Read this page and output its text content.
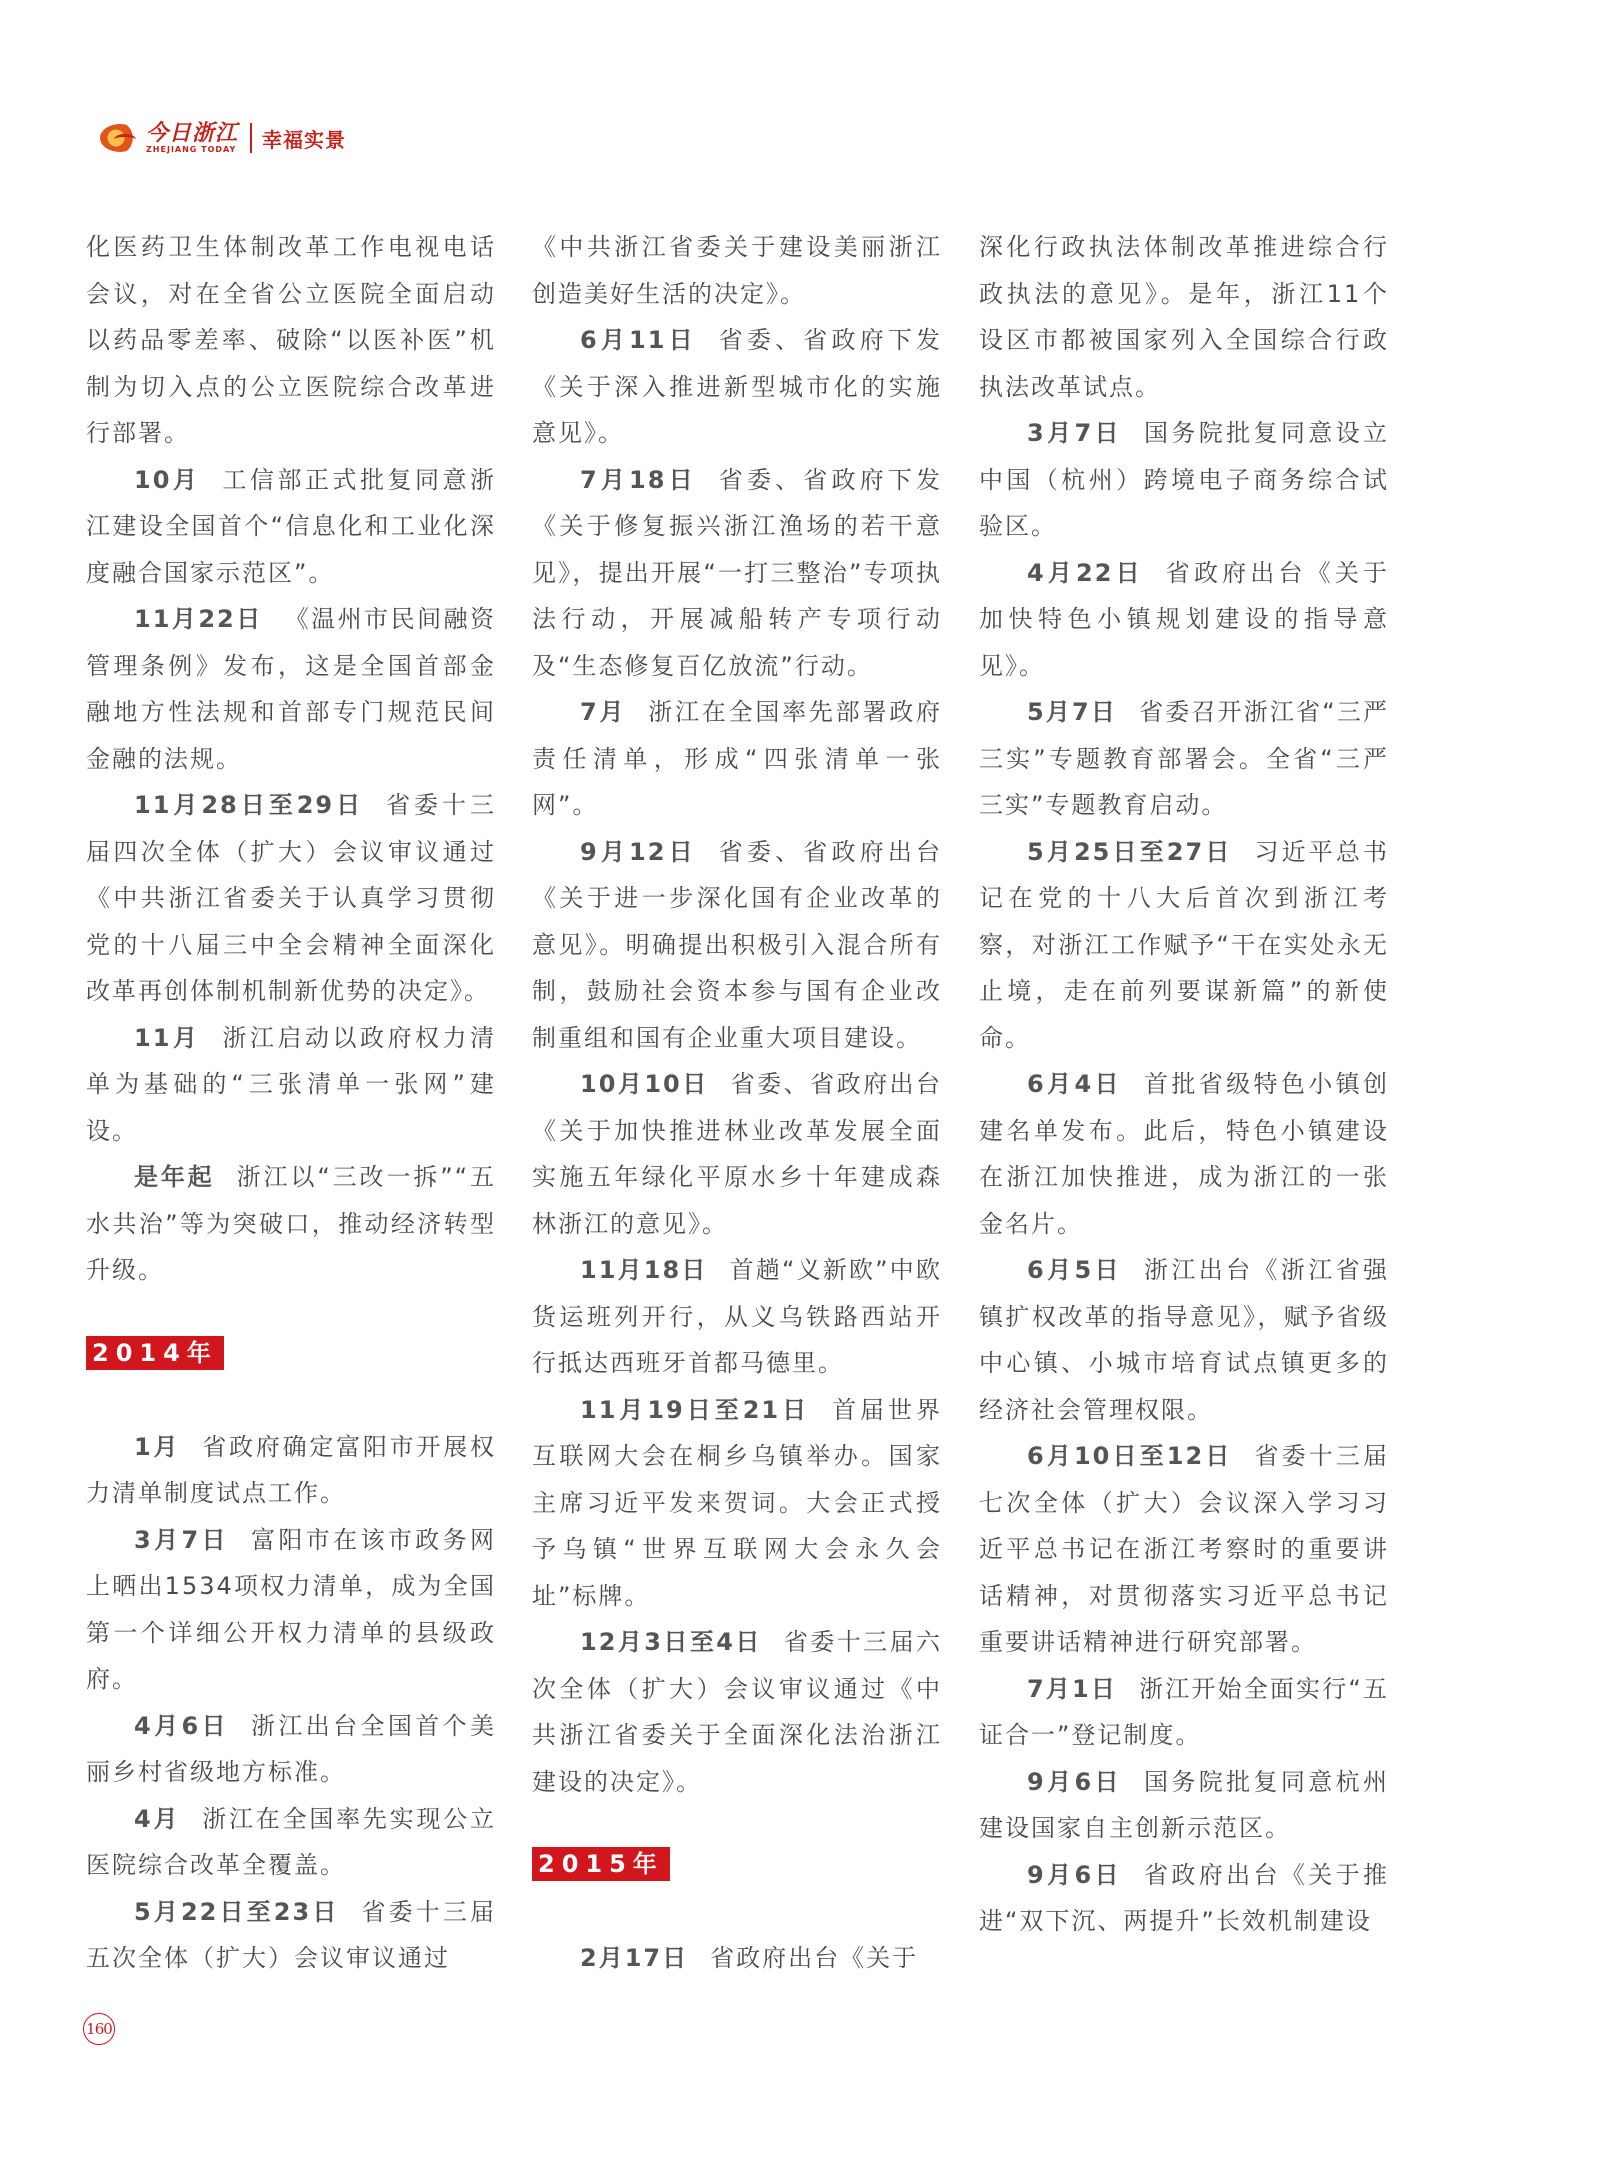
今日浙江
ZHEJIANG TODAY 幸福实景

化医药卫生体制改革工作电视电话会议，对在全省公立医院全面启动以药品零差率、破除“以医补医”机制为切入点的公立医院综合改革进行部署。

10月 工信部正式批复同意浙江建设全国首个“信息化和工业化深度融合国家示范区”。

11月22日 《温州市民间融资管理条例》发布，这是全国首部金融地方性法规和首部专门规范民间金融的法规。

11月28日至29日 省委十三届四次全体（扩大）会议审议通过《中共浙江省委关于认真学习贯彻党的十八届三中全会精神全面深化改革再创体制机制新优势的决定》。

11月 浙江启动以政府权力清单为基础的“三张清单一张网”建设。

是年起 浙江以“三改一拆”“五水共治”等为突破口，推动经济转型升级。

2014年

1月 省政府确定富阳市开展权力清单制度试点工作。

3月7日 富阳市在该市政务网上晒出1534项权力清单，成为全国第一个详细公开权力清单的县级政府。

4月6日 浙江出台全国首个美丽乡村省级地方标准。

4月 浙江在全国率先实现公立医院综合改革全覆盖。

5月22日至23日 省委十三届五次全体（扩大）会议审议通过

《中共浙江省委关于建设美丽浙江创造美好生活的决定》。

6月11日 省委、省政府下发《关于深入推进新型城市化的实施意见》。

7月18日 省委、省政府下发《关于修复振兴浙江渔场的若干意见》，提出开展“一打三整治”专项执法行动，开展减船转产专项行动及“生态修复百亿放流”行动。

7月 浙江在全国率先部署政府责任清单，形成“四张清单一张网”。

9月12日 省委、省政府出台《关于进一步深化国有企业改革的意见》。明确提出积极引入混合所有制，鼓励社会资本参与国有企业改制重组和国有企业重大项目建设。

10月10日 省委、省政府出台《关于加快推进林业改革发展全面实施五年绿化平原水乡十年建成森林浙江的意见》。

11月18日 首趟“义新欧”中欧货运班列开行，从义乌铁路西站开行抵达西班牙首都马德里。

11月19日至21日 首届世界互联网大会在桐乡乌镇举办。国家主席习近平发来贺词。大会正式授予乌镇“世界互联网大会永久会址”标牌。

12月3日至4日 省委十三届六次全体（扩大）会议审议通过《中共浙江省委关于全面深化法治浙江建设的决定》。

2015年

2月17日 省政府出台《关于

深化行政执法体制改革推进综合行政执法的意见》。是年，浙江11个设区市都被国家列入全国综合行政执法改革试点。

3月7日 国务院批复同意设立中国（杭州）跨境电子商务综合试验区。

4月22日 省政府出台《关于加快特色小镇规划建设的指导意见》。

5月7日 省委召开浙江省“三严三实”专题教育部署会。全省“三严三实”专题教育启动。

5月25日至27日 习近平总书记在党的十八大后首次到浙江考察，对浙江工作赋予“干在实处永无止境，走在前列要谋新篇”的新使命。

6月4日 首批省级特色小镇创建名单发布。此后，特色小镇建设在浙江加快推进，成为浙江的一张金名片。

6月5日 浙江出台《浙江省强镇扩权改革的指导意见》，赋予省级中心镇、小城市培育试点镇更多的经济社会管理权限。

6月10日至12日 省委十三届七次全体（扩大）会议深入学习习近平总书记在浙江考察时的重要讲话精神，对贯彻落实习近平总书记重要讲话精神进行研究部署。

7月1日 浙江开始全面实行“五证合一”登记制度。

9月6日 国务院批复同意杭州建设国家自主创新示范区。

9月6日 省政府出台《关于推进“双下沉、两提升”长效机制建设

160
